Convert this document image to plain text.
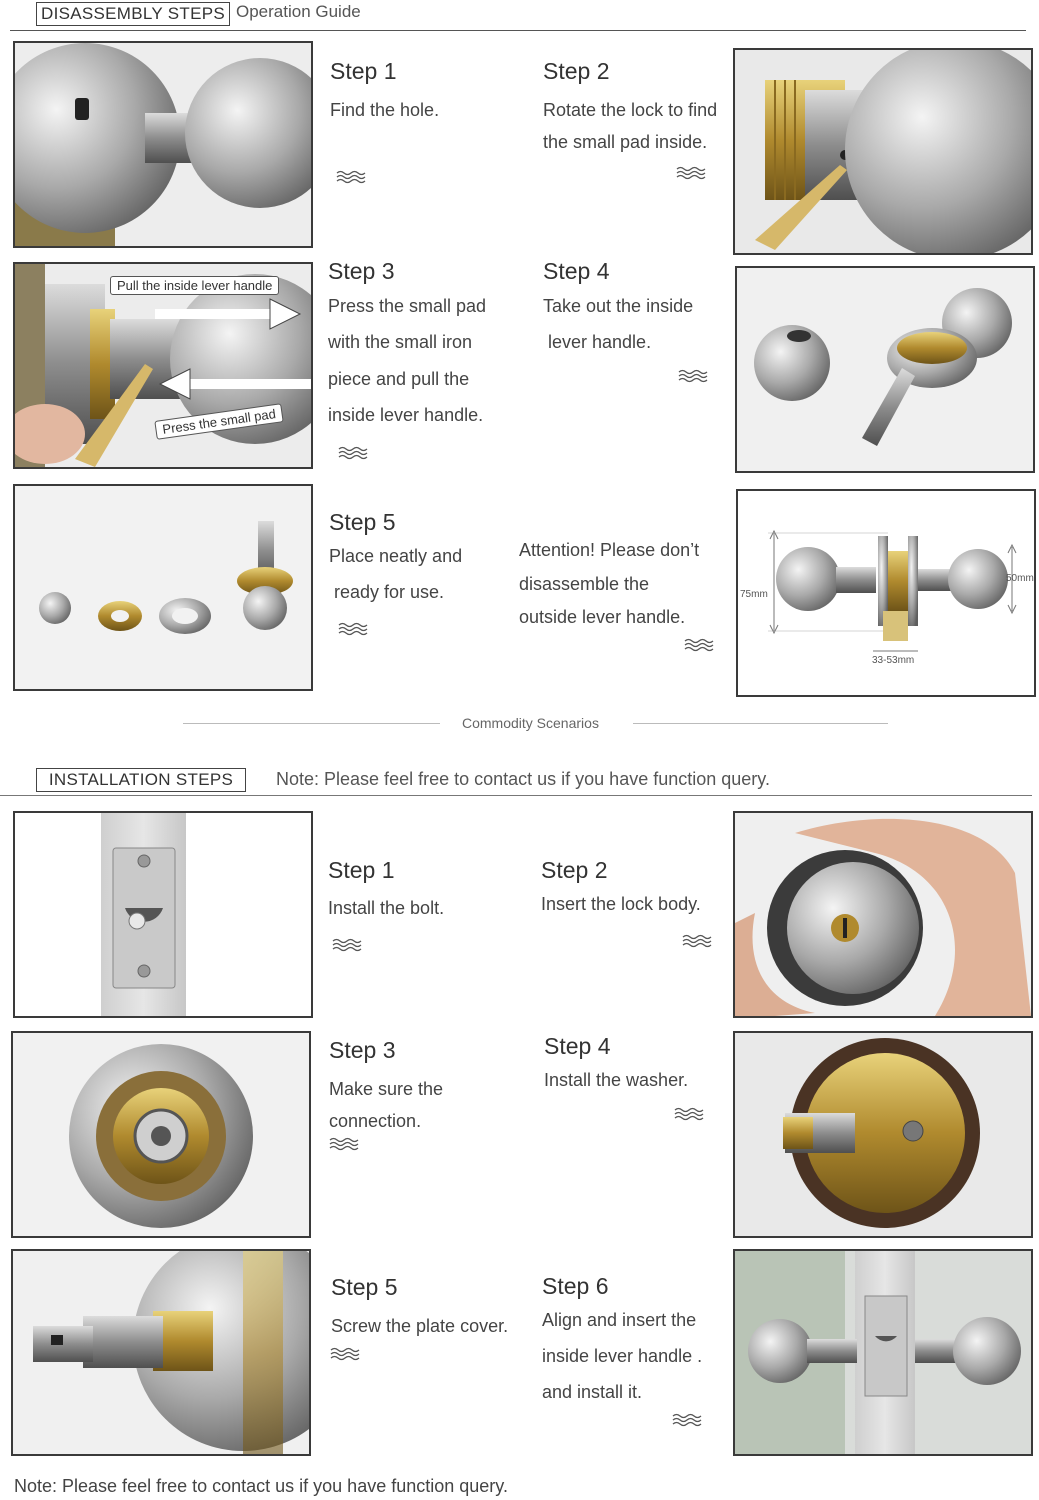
DISASSEMBLY STEPS Operation Guide
Step 1
Find the hole.
Step 2
Rotate the lock to find
the small pad inside.
Pull the inside lever handle
Press the small pad
Step 3
Press the small pad
with the small iron
piece and pull the
inside lever handle.
Step 4
Take out the inside
lever handle.
Step 5
Place neatly and
ready for use.
Attention! Please don’t
disassemble the
outside lever handle.
75mm
50mm
33-53mm
Commodity Scenarios
INSTALLATION STEPS	Note: Please feel free to contact us if you have function query.
Step 1
Install the bolt.
Step 2
Insert the lock body.
Step 3
Make sure the
connection.
Step 4
Install the washer.
Step 5
Screw the plate cover.
Step 6
Align and insert the
inside lever handle .
and install it.
Note: Please feel free to contact us if you have function query.
